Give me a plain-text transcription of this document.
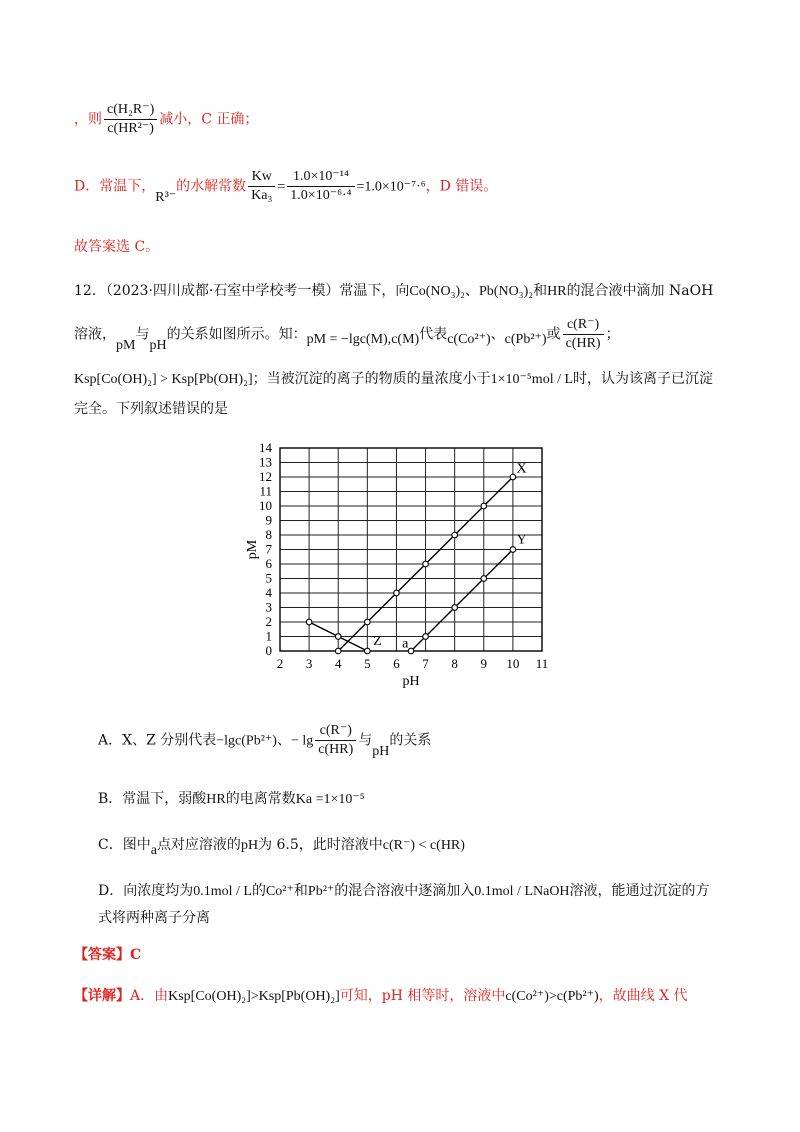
，则 $\frac{\text{c(H₂R⁻)}}{\text{c(HR²⁻)}}$ 减小，C 正确；
D．常温下，R³⁻的水解常数 $\frac{Kw}{\text{Ka₃}} = \frac{\text{1.0×10⁻¹⁴}}{\text{1.0×10⁻⁶·⁴}} =1.0\times 10^{-7}\cdot^6$，D 错误。
故答案选 C。
12．（2023·四川成都·石室中学校考一模）常温下，向Co(NO₃)₂、Pb(NO₃)₂和HR的混合液中滴加 NaOH
溶液，pM与pH的关系如图所示。知：pM = −lgc(M),c(M)代表c(Co²⁺)、c(Pb²⁺)或 $\frac{c(R^-)}{c(HR)}$ ；
Ksp[Co(OH)₂] > Ksp[Pb(OH)₂]；当被沉淀的离子的物质的量浓度小于1×10⁻⁵mol / L时，认为该离子已沉淀
完全。下列叙述错误的是
2 3 4 5 6 7 8 9 10 11
0
1
2
3
4
5
6
7
8
9
10
11
12
13
14
pH
pM
X
Y
Z a
A．X、Z 分别代表−lgc(Pb²⁺)、− $\lg \frac{c(R^-)}{c(HR)}$ 与pH的关系
B．常温下，弱酸HR的电离常数Ka =1×10⁻⁵
C．图中a点对应溶液的pH为 6.5，此时溶液中c(R⁻) < c(HR)
D．向浓度均为0.1mol / L的Co²⁺和Pb²⁺的混合溶液中逐滴加入0.1mol / LNaOH溶液，能通过沉淀的方
式将两种离子分离
【答案】C
【详解】A．由Ksp[Co(OH)₂]>Ksp[Pb(OH)₂]可知，pH 相等时，溶液中c(Co²⁺)>c(Pb²⁺)，故曲线 X 代
